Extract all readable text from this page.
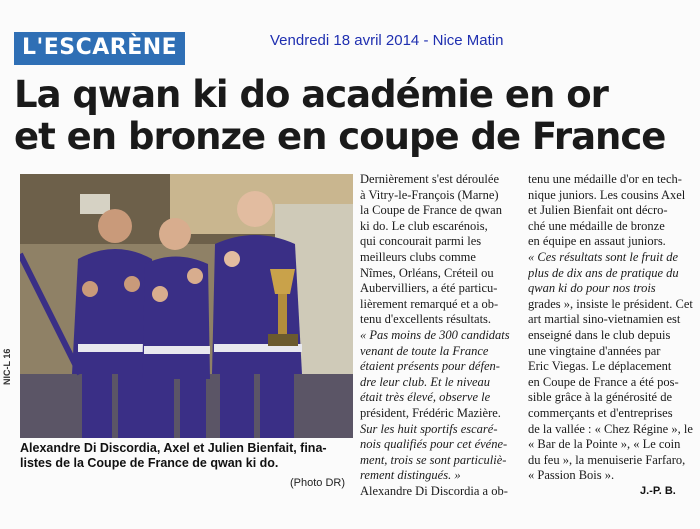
L'ESCARÈNE	Vendredi 18 avril 2014 - Nice Matin
La qwan ki do académie en or
et en bronze en coupe de France
NIC-L 16
Alexandre Di Discordia, Axel et Julien Bienfait, fina-
listes de la Coupe de France de qwan ki do.
(Photo DR)
Dernièrement s'est déroulée
à Vitry-le-François (Marne)
la Coupe de France de qwan
ki do. Le club escarénois,
qui concourait parmi les
meilleurs clubs comme
Nîmes, Orléans, Créteil ou
Aubervilliers, a été particu-
lièrement remarqué et a ob-
tenu d'excellents résultats.
« Pas moins de 300 candidats
venant de toute la France
étaient présents pour défen-
dre leur club. Et le niveau
était très élevé, observe le
président, Frédéric Mazière.
Sur les huit sportifs escaré-
nois qualifiés pour cet événe-
ment, trois se sont particuliè-
rement distingués. »
Alexandre Di Discordia a ob-
tenu une médaille d'or en tech-
nique juniors. Les cousins Axel
et Julien Bienfait ont décro-
ché une médaille de bronze
en équipe en assaut juniors.
« Ces résultats sont le fruit de
plus de dix ans de pratique du
qwan ki do pour nos trois
grades », insiste le président. Cet
art martial sino-vietnamien est
enseigné dans le club depuis
une vingtaine d'années par
Eric Viegas. Le déplacement
en Coupe de France a été pos-
sible grâce à la générosité de
commerçants et d'entreprises
de la vallée : « Chez Régine », le
« Bar de la Pointe », « Le coin
du feu », la menuiserie Farfaro,
« Passion Bois ».
J.-P. B.
